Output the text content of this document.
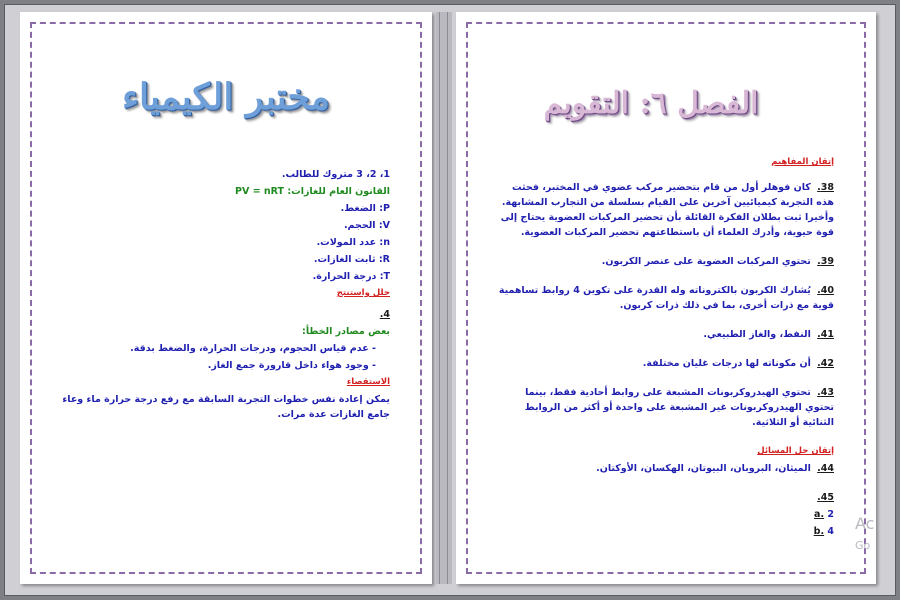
مختبر الكيمياء
1، 2، 3 متروك للطالب.
القانون العام للغازات: PV = nRT
P: الضغط.
V: الحجم.
n: عدد المولات.
R: ثابت الغازات.
T: درجة الحرارة.
حلل واستنتج
4.
بعض مصادر الخطأ:
- عدم قياس الحجوم، ودرجات الحرارة، والضغط بدقة.
- وجود هواء داخل قارورة جمع الغاز.
الاستقصاء
يمكن إعادة نفس خطوات التجربة السابقة مع رفع درجة حرارة ماء وعاء جامع الغازات عدة مرات.
الفصل ٦: التقويم
إتقان المفاهيم
38. كان فوهلر أول من قام بتحضير مركب عضوي في المختبر، فحثت هذه التجربة كيميائيين آخرين على القيام بسلسلة من التجارب المشابهة. وأخيرا ثبت بطلان الفكرة القائلة بأن تحضير المركبات العضوية يحتاج إلى قوة حيوية، وأدرك العلماء أن باستطاعتهم تحضير المركبات العضوية.
39. تحتوي المركبات العضوية على عنصر الكربون.
40. يُشارك الكربون بالكتروناته وله القدرة على تكوين 4 روابط تساهمية قوية مع ذرات أخرى، بما في ذلك ذرات كربون.
41. النفط، والغاز الطبيعي.
42. أن مكوناته لها درجات غليان مختلفة.
43. تحتوي الهيدروكربونات المشبعة على روابط أحادية فقط، بينما تحتوي الهيدروكربونات غير المشبعة على واحدة أو أكثر من الروابط الثنائية أو الثلاثية.
إتقان حل المسائل
44. الميثان، البروبان، البيوتان، الهكسان، الأوكتان.
45.
a. 2
b. 4 Ac
Go
